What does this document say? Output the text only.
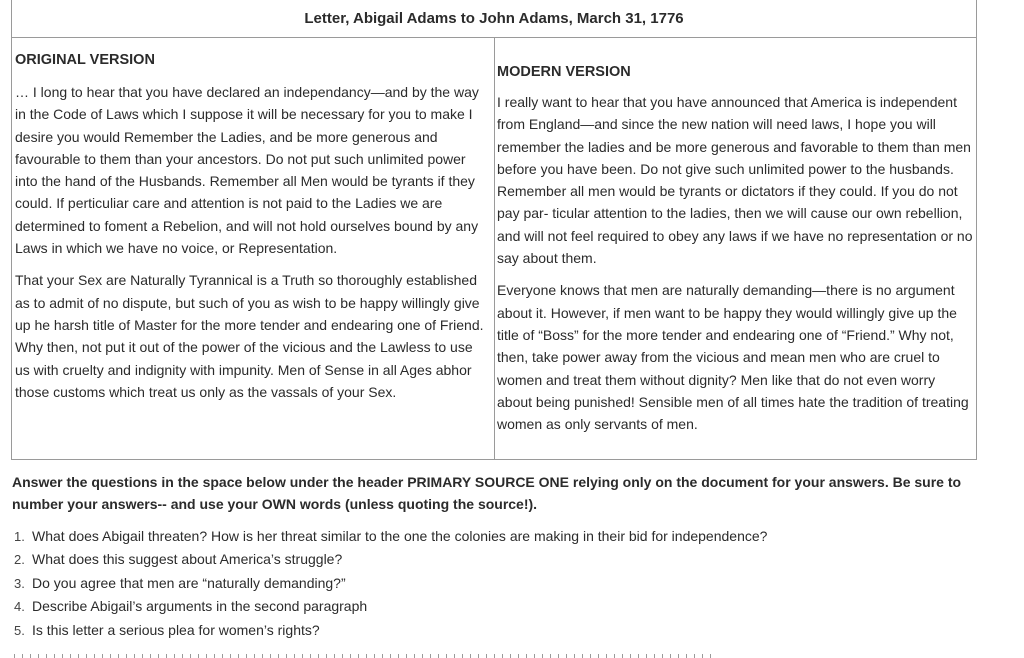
Letter, Abigail Adams to John Adams, March 31, 1776
ORIGINAL VERSION

… I long to hear that you have declared an independancy—and by the way in the Code of Laws which I suppose it will be necessary for you to make I desire you would Remember the Ladies, and be more generous and favourable to them than your ancestors. Do not put such unlimited power into the hand of the Husbands. Remember all Men would be tyrants if they could. If perticuliar care and attention is not paid to the Ladies we are determined to foment a Rebelion, and will not hold ourselves bound by any Laws in which we have no voice, or Representation.

That your Sex are Naturally Tyrannical is a Truth so thoroughly established as to admit of no dispute, but such of you as wish to be happy willingly give up he harsh title of Master for the more tender and endearing one of Friend. Why then, not put it out of the power of the vicious and the Lawless to use us with cruelty and indignity with impunity. Men of Sense in all Ages abhor those customs which treat us only as the vassals of your Sex.

MODERN VERSION

I really want to hear that you have announced that America is independent from England—and since the new nation will need laws, I hope you will remember the ladies and be more generous and favorable to them than men before you have been. Do not give such unlimited power to the husbands. Remember all men would be tyrants or dictators if they could. If you do not pay par- ticular attention to the ladies, then we will cause our own rebellion, and will not feel required to obey any laws if we have no representation or no say about them.

Everyone knows that men are naturally demanding—there is no argument about it. However, if men want to be happy they would willingly give up the title of “Boss” for the more tender and endearing one of “Friend.” Why not, then, take power away from the vicious and mean men who are cruel to women and treat them without dignity? Men like that do not even worry about being punished! Sensible men of all times hate the tradition of treating women as only servants of men.

Answer the questions in the space below under the header PRIMARY SOURCE ONE relying only on the document for your answers. Be sure to number your answers-- and use your OWN words (unless quoting the source!).

1. What does Abigail threaten? How is her threat similar to the one the colonies are making in their bid for independence?
2. What does this suggest about America’s struggle?
3. Do you agree that men are “naturally demanding?”
4. Describe Abigail’s arguments in the second paragraph
5. Is this letter a serious plea for women’s rights?
